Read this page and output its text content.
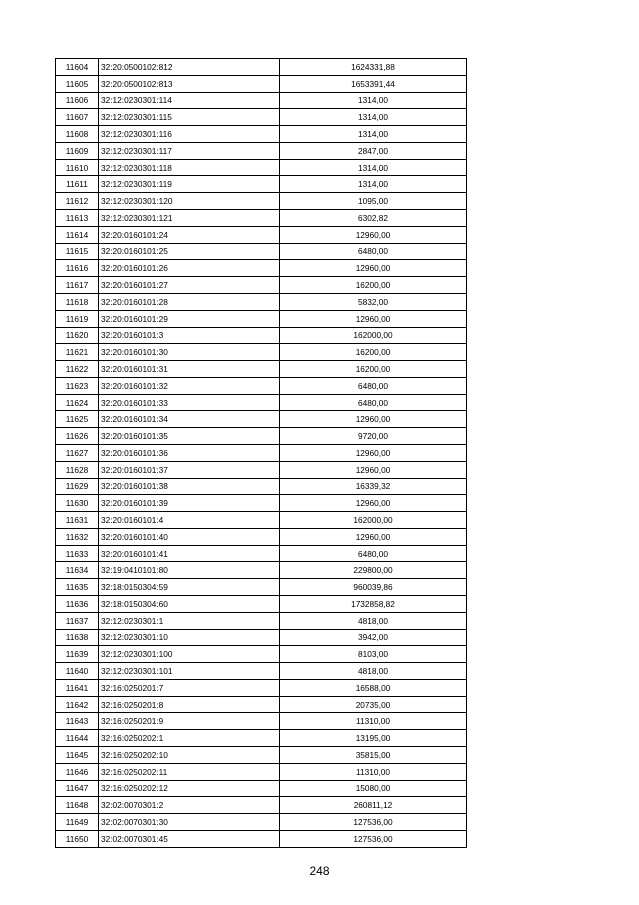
11604	32:20:0500102:812	1624331,88
11605	32:20:0500102:813	1653391,44
11606	32:12:0230301:114	1314,00
11607	32:12:0230301:115	1314,00
11608	32:12:0230301:116	1314,00
11609	32:12:0230301:117	2847,00
11610	32:12:0230301:118	1314,00
11611	32:12:0230301:119	1314,00
11612	32:12:0230301:120	1095,00
11613	32:12:0230301:121	6302,82
11614	32:20:0160101:24	12960,00
11615	32:20:0160101:25	6480,00
11616	32:20:0160101:26	12960,00
11617	32:20:0160101:27	16200,00
11618	32:20:0160101:28	5832,00
11619	32:20:0160101:29	12960,00
11620	32:20:0160101:3	162000,00
11621	32:20:0160101:30	16200,00
11622	32:20:0160101:31	16200,00
11623	32:20:0160101:32	6480,00
11624	32:20:0160101:33	6480,00
11625	32:20:0160101:34	12960,00
11626	32:20:0160101:35	9720,00
11627	32:20:0160101:36	12960,00
11628	32:20:0160101:37	12960,00
11629	32:20:0160101:38	16339,32
11630	32:20:0160101:39	12960,00
11631	32:20:0160101:4	162000,00
11632	32:20:0160101:40	12960,00
11633	32:20:0160101:41	6480,00
11634	32:19:0410101:80	229800,00
11635	32:18:0150304:59	960039,86
11636	32:18:0150304:60	1732858,82
11637	32:12:0230301:1	4818,00
11638	32:12:0230301:10	3942,00
11639	32:12:0230301:100	8103,00
11640	32:12:0230301:101	4818,00
11641	32:16:0250201:7	16588,00
11642	32:16:0250201:8	20735,00
11643	32:16:0250201:9	11310,00
11644	32:16:0250202:1	13195,00
11645	32:16:0250202:10	35815,00
11646	32:16:0250202:11	11310,00
11647	32:16:0250202:12	15080,00
11648	32:02:0070301:2	260811,12
11649	32:02:0070301:30	127536,00
11650	32:02:0070301:45	127536,00
248
